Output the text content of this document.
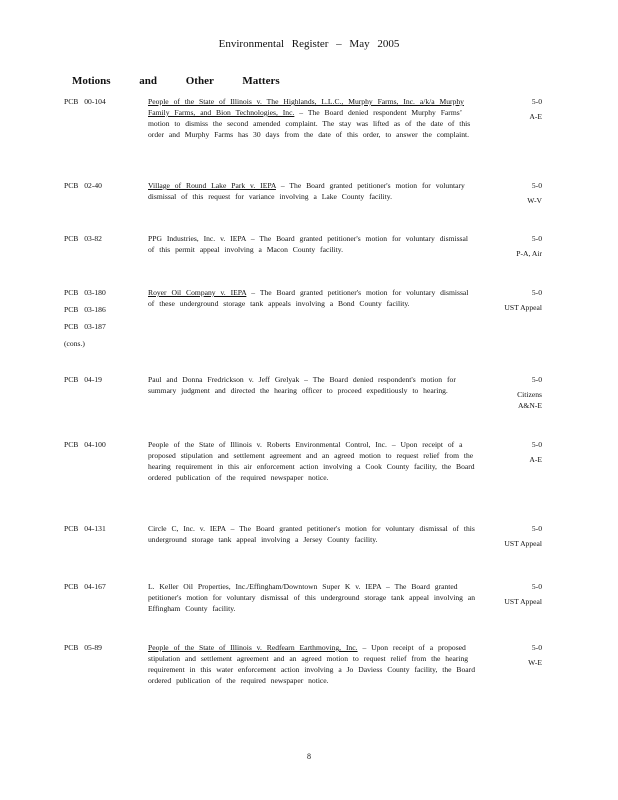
Environmental Register – May 2005
Motions and Other Matters
PCB 00-104	People of the State of Illinois v. The Highlands, L.L.C., Murphy Farms, Inc. a/k/a Murphy Family Farms, and Bion Technologies, Inc. – The Board denied respondent Murphy Farms’ motion to dismiss the second amended complaint. The stay was lifted as of the date of this order and Murphy Farms has 30 days from the date of this order, to answer the complaint.
5-0
A-E
PCB 02-40	Village of Round Lake Park v. IEPA – The Board granted petitioner's motion for voluntary dismissal of this request for variance involving a Lake County facility.
5-0
W-V
PCB 03-82	PPG Industries, Inc. v. IEPA – The Board granted petitioner's motion for voluntary dismissal of this permit appeal involving a Macon County facility.
5-0
P-A, Air
PCB 03-180
PCB 03-186
PCB 03-187
(cons.)
Royer Oil Company v. IEPA – The Board granted petitioner's motion for voluntary dismissal of these underground storage tank appeals involving a Bond County facility.
5-0
UST Appeal
PCB 04-19	Paul and Donna Fredrickson v. Jeff Grelyak – The Board denied respondent's motion for summary judgment and directed the hearing officer to proceed expeditiously to hearing.
5-0
Citizens
A&N-E
PCB 04-100	People of the State of Illinois v. Roberts Environmental Control, Inc. – Upon receipt of a proposed stipulation and settlement agreement and an agreed motion to request relief from the hearing requirement in this air enforcement action involving a Cook County facility, the Board ordered publication of the required newspaper notice.
5-0
A-E
PCB 04-131	Circle C, Inc. v. IEPA – The Board granted petitioner's motion for voluntary dismissal of this underground storage tank appeal involving a Jersey County facility.
5-0
UST Appeal
PCB 04-167	L. Keller Oil Properties, Inc./Effingham/Downtown Super K v. IEPA – The Board granted petitioner's motion for voluntary dismissal of this underground storage tank appeal involving an Effingham County facility.
5-0
UST Appeal
PCB 05-89	People of the State of Illinois v. Redfearn Earthmoving, Inc. – Upon receipt of a proposed stipulation and settlement agreement and an agreed motion to request relief from the hearing requirement in this water enforcement action involving a Jo Daviess County facility, the Board ordered publication of the required newspaper notice.
5-0
W-E
8
